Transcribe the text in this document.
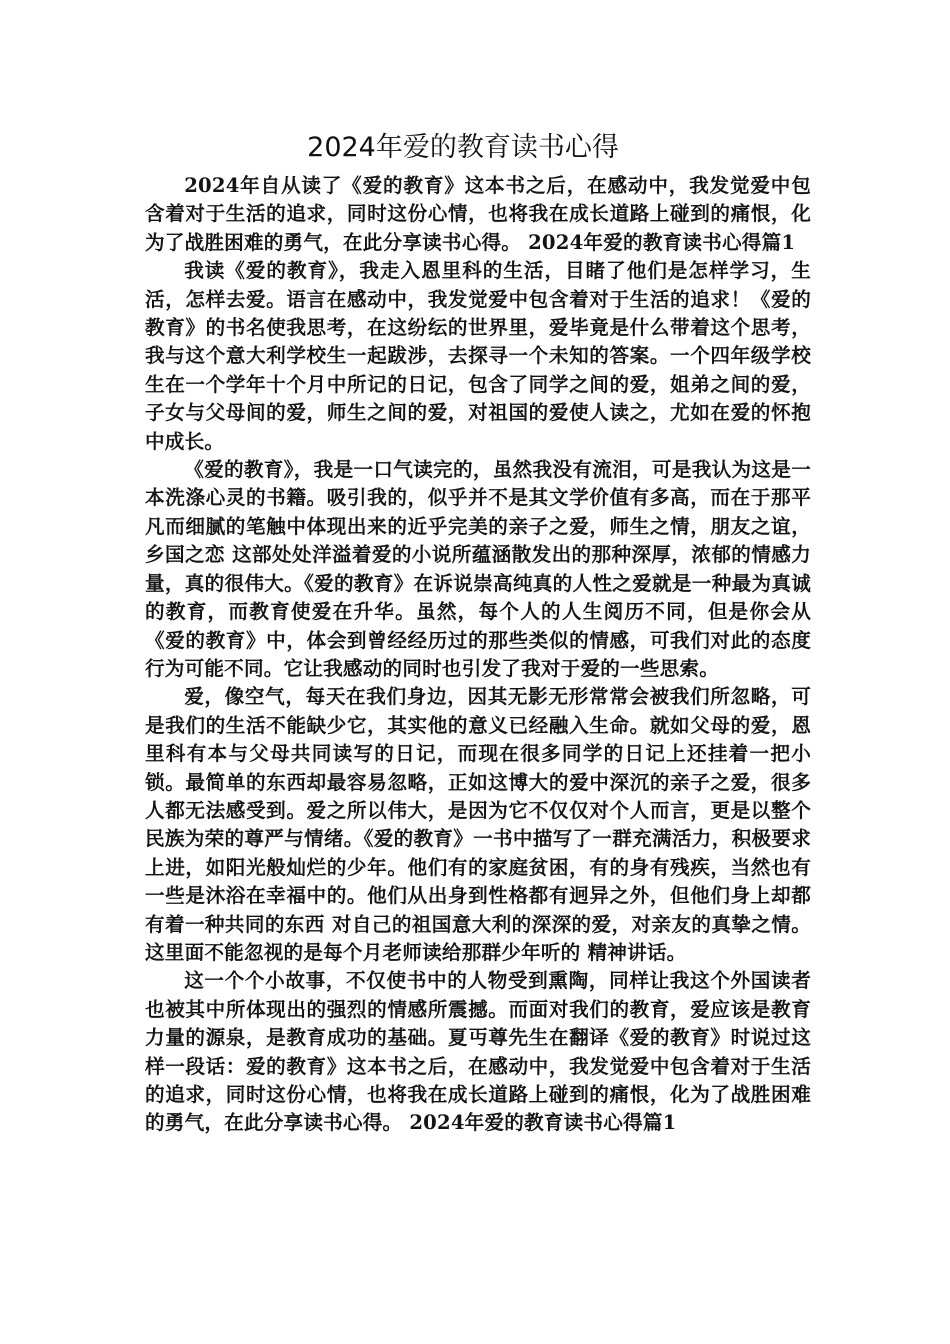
2024年爱的教育读书心得

2024年自从读了《爱的教育》这本书之后，在感动中，我发觉爱中包含着对于生活的追求，同时这份心情，也将我在成长道路上碰到的痛恨，化为了战胜困难的勇气，在此分享读书心得。 2024年爱的教育读书心得篇1

我读《爱的教育》，我走入恩里科的生活，目睹了他们是怎样学习，生活，怎样去爱。语言在感动中，我发觉爱中包含着对于生活的追求！《爱的教育》的书名使我思考，在这纷纭的世界里，爱毕竟是什么带着这个思考，我与这个意大利学校生一起跋涉，去探寻一个未知的答案。一个四年级学校生在一个学年十个月中所记的日记，包含了同学之间的爱，姐弟之间的爱，子女与父母间的爱，师生之间的爱，对祖国的爱使人读之，尤如在爱的怀抱中成长。

《爱的教育》，我是一口气读完的，虽然我没有流泪，可是我认为这是一本洗涤心灵的书籍。吸引我的，似乎并不是其文学价值有多高，而在于那平凡而细腻的笔触中体现出来的近乎完美的亲子之爱，师生之情，朋友之谊，乡国之恋 这部处处洋溢着爱的小说所蕴涵散发出的那种深厚，浓郁的情感力量，真的很伟大。《爱的教育》在诉说崇高纯真的人性之爱就是一种最为真诚的教育，而教育使爱在升华。虽然，每个人的人生阅历不同，但是你会从《爱的教育》中，体会到曾经经历过的那些类似的情感，可我们对此的态度行为可能不同。它让我感动的同时也引发了我对于爱的一些思索。

爱，像空气，每天在我们身边，因其无影无形常常会被我们所忽略，可是我们的生活不能缺少它，其实他的意义已经融入生命。就如父母的爱，恩里科有本与父母共同读写的日记，而现在很多同学的日记上还挂着一把小锁。最简单的东西却最容易忽略，正如这博大的爱中深沉的亲子之爱，很多人都无法感受到。爱之所以伟大，是因为它不仅仅对个人而言，更是以整个民族为荣的尊严与情绪。《爱的教育》一书中描写了一群充满活力，积极要求上进，如阳光般灿烂的少年。他们有的家庭贫困，有的身有残疾，当然也有一些是沐浴在幸福中的。他们从出身到性格都有迥异之外，但他们身上却都有着一种共同的东西 对自己的祖国意大利的深深的爱，对亲友的真挚之情。这里面不能忽视的是每个月老师读给那群少年听的 精神讲话。

这一个个小故事，不仅使书中的人物受到熏陶，同样让我这个外国读者也被其中所体现出的强烈的情感所震撼。而面对我们的教育，爱应该是教育力量的源泉，是教育成功的基础。夏丏尊先生在翻译《爱的教育》时说过这样一段话：爱的教育》这本书之后，在感动中，我发觉爱中包含着对于生活的追求，同时这份心情，也将我在成长道路上碰到的痛恨，化为了战胜困难的勇气，在此分享读书心得。 2024年爱的教育读书心得篇1
